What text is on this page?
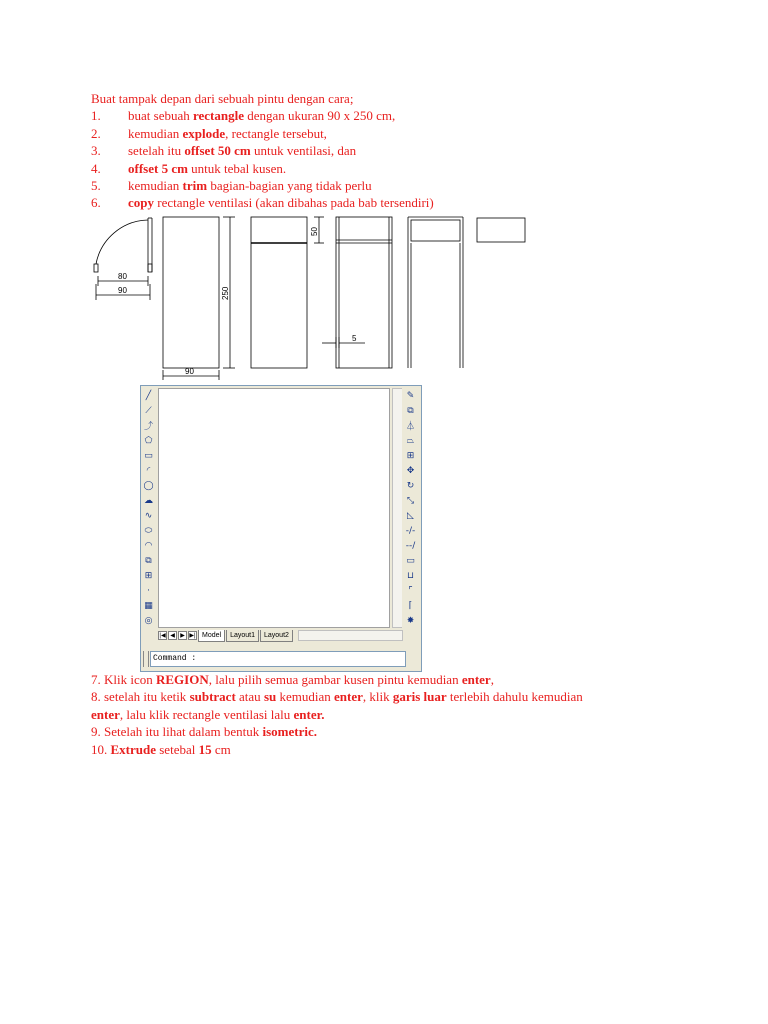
Buat tampak depan dari sebuah pintu dengan cara;
1.	buat sebuah rectangle dengan ukuran 90 x 250 cm,
2.	kemudian explode, rectangle tersebut,
3.	setelah itu offset 50 cm untuk ventilasi, dan
4.	offset 5 cm untuk tebal kusen.
5.	kemudian trim bagian-bagian yang tidak perlu
6.	copy rectangle ventilasi (akan dibahas pada bab tersendiri)
80
90	250
90
50
5
╱
⟋
⤴
⬠
▭
◜
◯
☁
∿
⬭
◠
⧉
⊞
·
▦
◎
✎
⧉
⏃
⏢
⊞
✥
↻
⤡
◺
-/-
--/
▭
⊔
⌜
⌈
✸
|◀ ◀ ▶ ▶| Model	Layout1	Layout2
Command :
7. Klik icon REGION, lalu pilih semua gambar kusen pintu kemudian enter,
8. setelah itu ketik subtract atau su kemudian enter, klik garis luar terlebih dahulu kemudian
enter, lalu klik rectangle ventilasi lalu enter.
9. Setelah itu lihat dalam bentuk isometric.
10. Extrude setebal 15 cm
